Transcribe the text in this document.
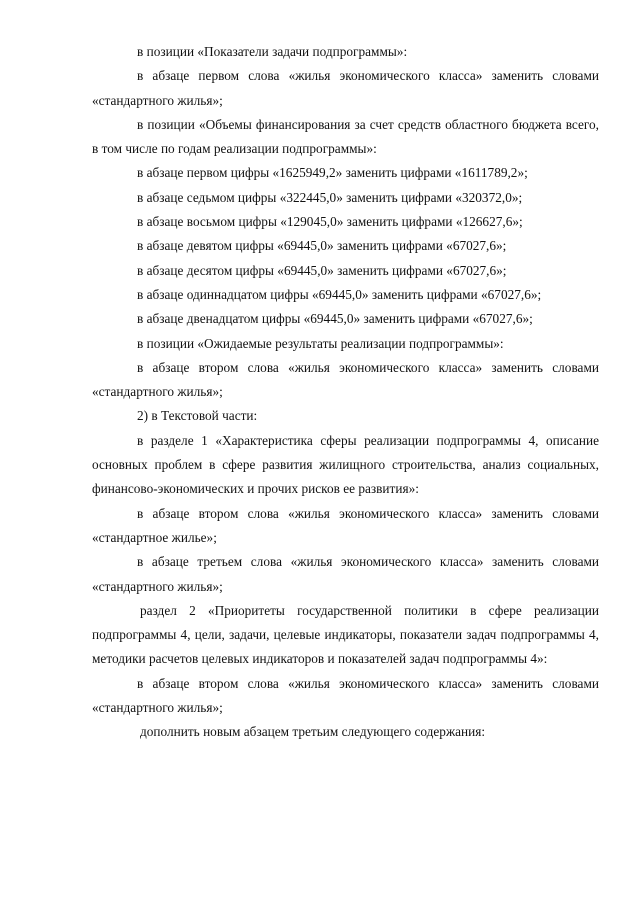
в позиции «Показатели задачи подпрограммы»:

в абзаце первом слова «жилья экономического класса» заменить словами «стандартного жилья»;

в позиции «Объемы финансирования за счет средств областного бюджета всего, в том числе по годам реализации подпрограммы»:

в абзаце первом цифры «1625949,2» заменить цифрами «1611789,2»;

в абзаце седьмом цифры «322445,0» заменить цифрами «320372,0»;

в абзаце восьмом цифры «129045,0» заменить цифрами «126627,6»;

в абзаце девятом цифры «69445,0» заменить цифрами «67027,6»;

в абзаце десятом цифры «69445,0» заменить цифрами «67027,6»;

в абзаце одиннадцатом цифры «69445,0» заменить цифрами «67027,6»;

в абзаце двенадцатом цифры «69445,0» заменить цифрами «67027,6»;

в позиции «Ожидаемые результаты реализации подпрограммы»:

в абзаце втором слова «жилья экономического класса» заменить словами «стандартного жилья»;

2) в Текстовой части:

в разделе 1 «Характеристика сферы реализации подпрограммы 4, описание основных проблем в сфере развития жилищного строительства, анализ социальных, финансово-экономических и прочих рисков ее развития»:

в абзаце втором слова «жилья экономического класса» заменить словами «стандартное жилье»;

в абзаце третьем слова «жилья экономического класса» заменить словами «стандартного жилья»;

раздел 2 «Приоритеты государственной политики в сфере реализации подпрограммы 4, цели, задачи, целевые индикаторы, показатели задач подпрограммы 4, методики расчетов целевых индикаторов и показателей задач подпрограммы 4»:

в абзаце втором слова «жилья экономического класса» заменить словами «стандартного жилья»;

дополнить новым абзацем третьим следующего содержания:
